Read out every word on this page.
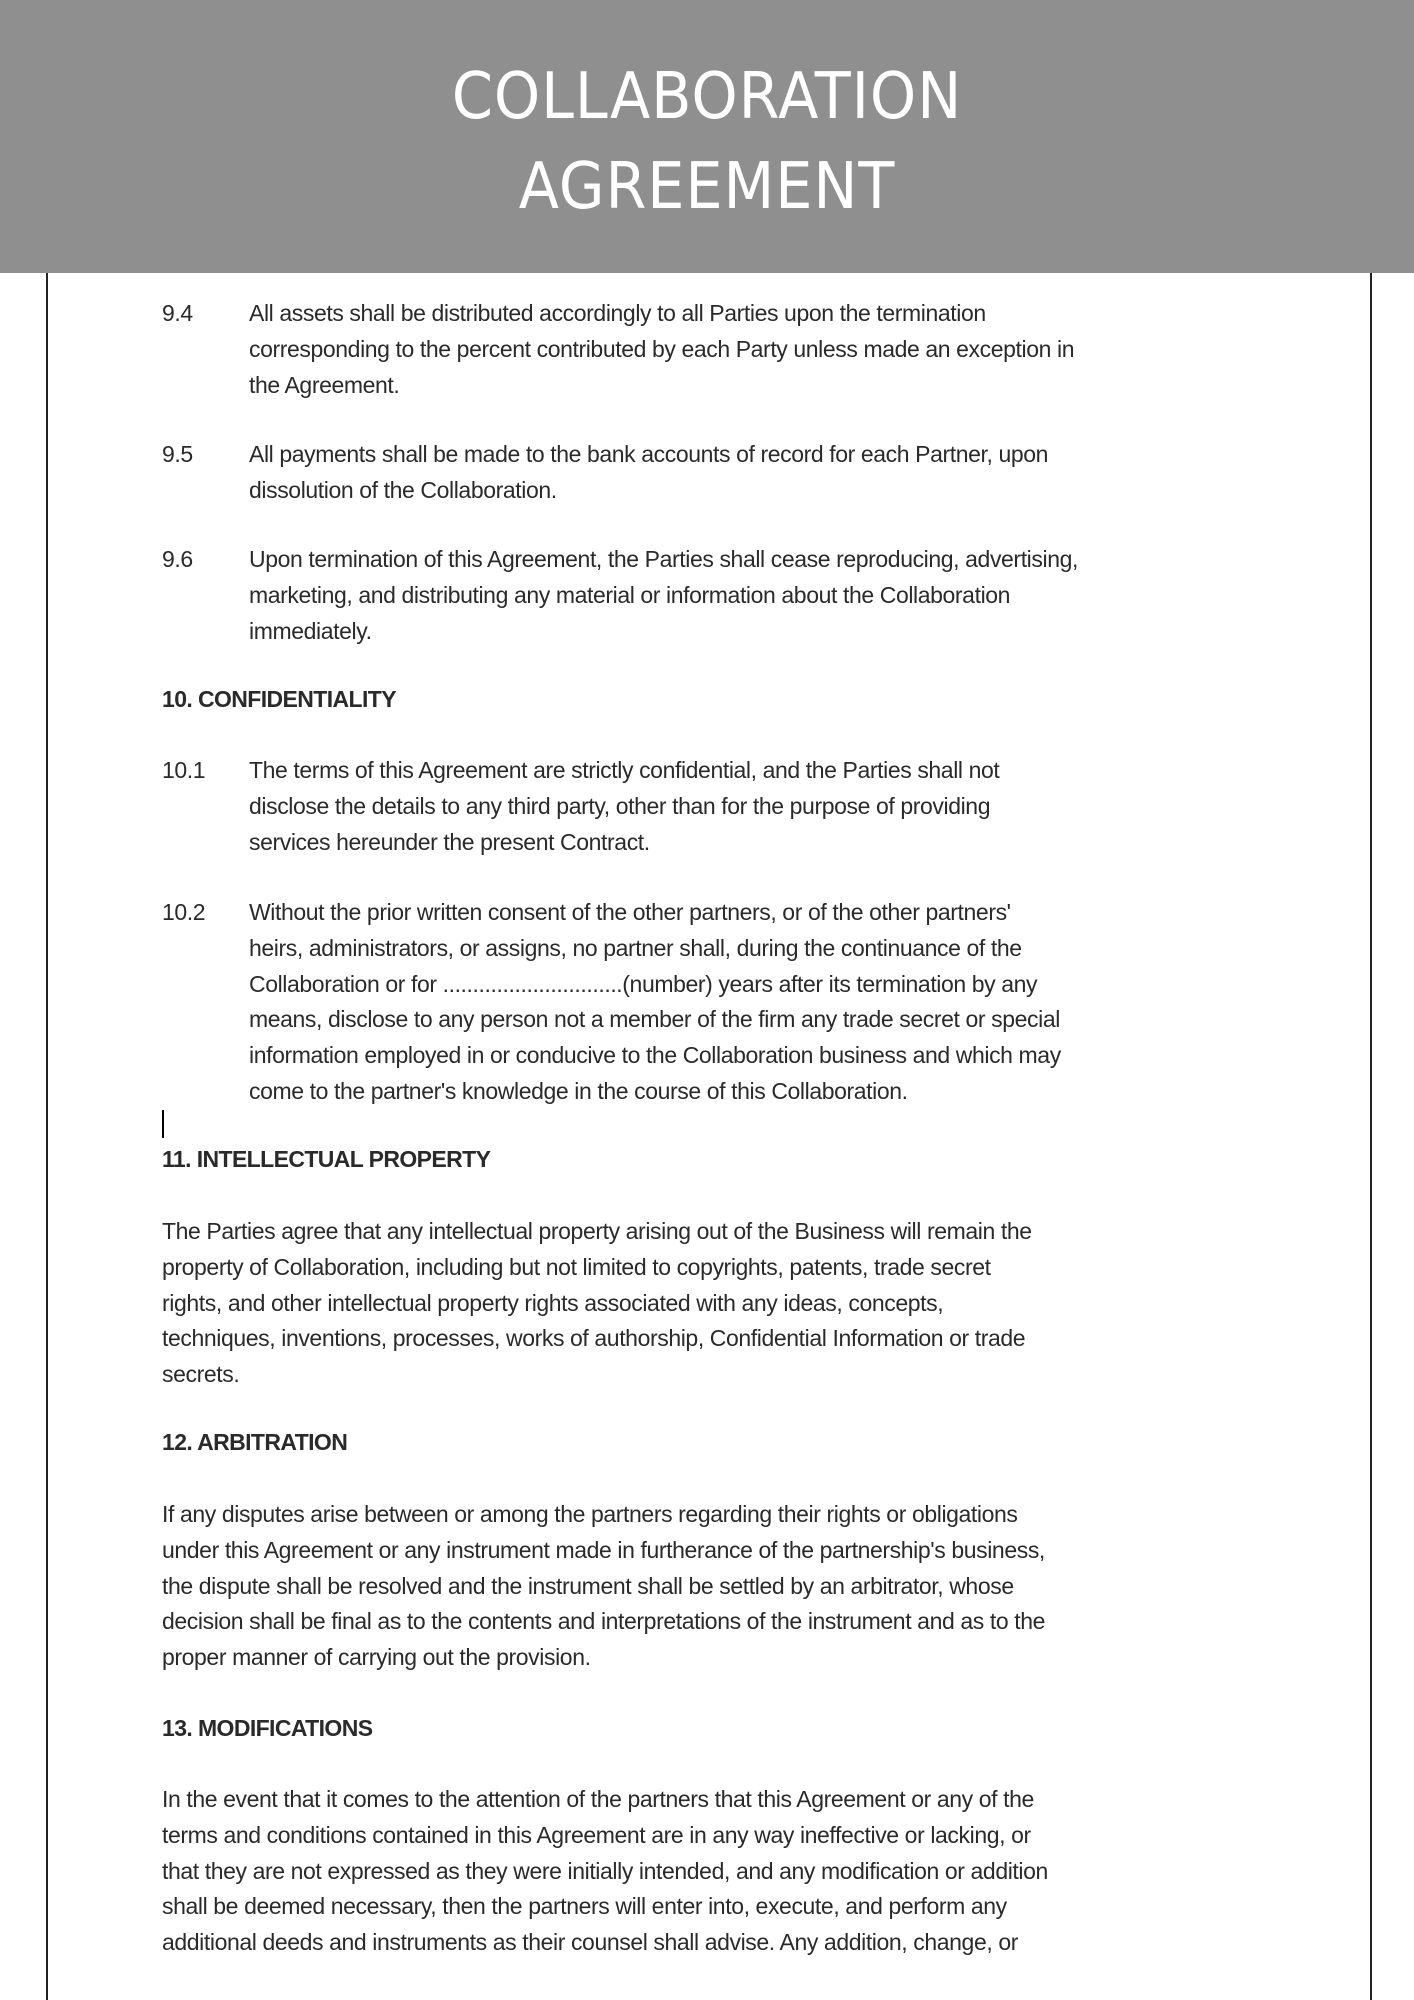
COLLABORATION
AGREEMENT
9.4 All assets shall be distributed accordingly to all Parties upon the termination
corresponding to the percent contributed by each Party unless made an exception in
the Agreement.
9.5 All payments shall be made to the bank accounts of record for each Partner, upon
dissolution of the Collaboration.
9.6 Upon termination of this Agreement, the Parties shall cease reproducing, advertising,
marketing, and distributing any material or information about the Collaboration
immediately.
10. CONFIDENTIALITY
10.1 The terms of this Agreement are strictly confidential, and the Parties shall not
disclose the details to any third party, other than for the purpose of providing
services hereunder the present Contract.
10.2 Without the prior written consent of the other partners, or of the other partners'
heirs, administrators, or assigns, no partner shall, during the continuance of the
Collaboration or for ..............................(number) years after its termination by any
means, disclose to any person not a member of the firm any trade secret or special
information employed in or conducive to the Collaboration business and which may
come to the partner's knowledge in the course of this Collaboration.
11. INTELLECTUAL PROPERTY
The Parties agree that any intellectual property arising out of the Business will remain the
property of Collaboration, including but not limited to copyrights, patents, trade secret
rights, and other intellectual property rights associated with any ideas, concepts,
techniques, inventions, processes, works of authorship, Confidential Information or trade
secrets.
12. ARBITRATION
If any disputes arise between or among the partners regarding their rights or obligations
under this Agreement or any instrument made in furtherance of the partnership's business,
the dispute shall be resolved and the instrument shall be settled by an arbitrator, whose
decision shall be final as to the contents and interpretations of the instrument and as to the
proper manner of carrying out the provision.
13. MODIFICATIONS
In the event that it comes to the attention of the partners that this Agreement or any of the
terms and conditions contained in this Agreement are in any way ineffective or lacking, or
that they are not expressed as they were initially intended, and any modification or addition
shall be deemed necessary, then the partners will enter into, execute, and perform any
additional deeds and instruments as their counsel shall advise. Any addition, change, or
